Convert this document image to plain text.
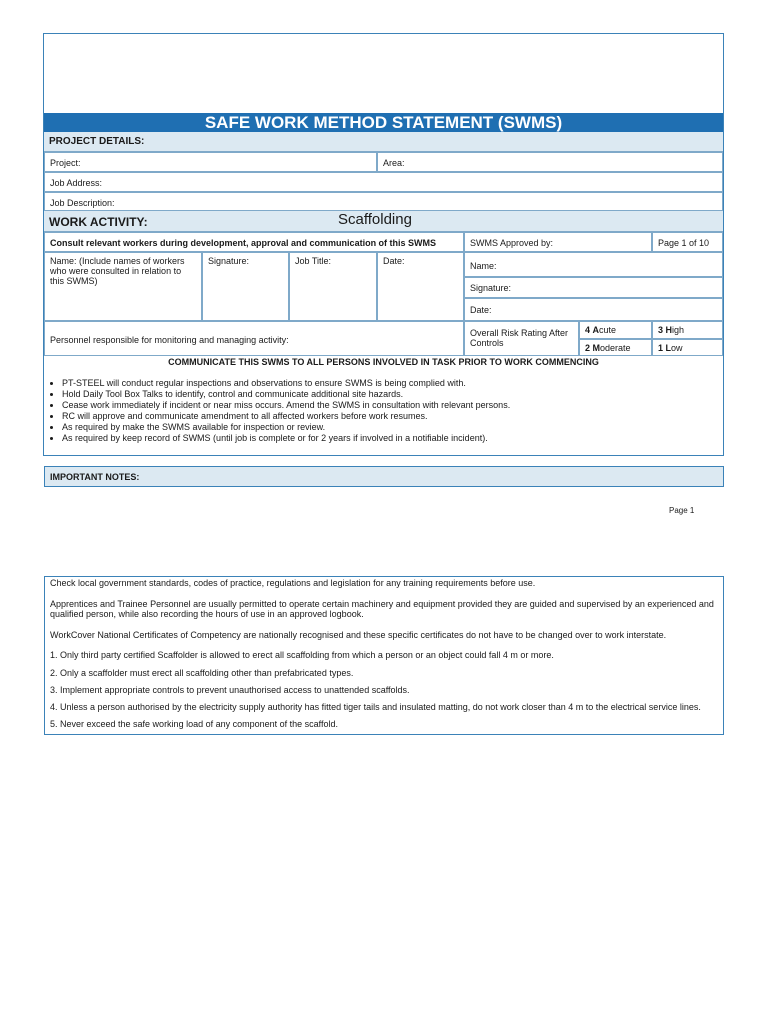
SAFE WORK METHOD STATEMENT (SWMS)
PROJECT DETAILS:
Project:	Area:
Job Address:
Job Description:
WORK ACTIVITY:	Scaffolding
Consult relevant workers during development, approval and communication of this SWMS	SWMS Approved by:	Page 1 of 10
Name: (Include names of workers who were consulted in relation to this SWMS)
Signature:	Job Title:	Date:	Name:
Signature:
Date:
Personnel responsible for monitoring and managing activity:
Overall Risk Rating After Controls
4 Acute	3 High
2 Moderate	1 Low
COMMUNICATE THIS SWMS TO ALL PERSONS INVOLVED IN TASK PRIOR TO WORK COMMENCING
• PT-STEEL will conduct regular inspections and observations to ensure SWMS is being complied with.
• Hold Daily Tool Box Talks to identify, control and communicate additional site hazards.
• Cease work immediately if incident or near miss occurs. Amend the SWMS in consultation with relevant persons.
• RC will approve and communicate amendment to all affected workers before work resumes.
• As required by make the SWMS available for inspection or review.
• As required by keep record of SWMS (until job is complete or for 2 years if involved in a notifiable incident).
IMPORTANT NOTES:
Page 1
Check local government standards, codes of practice, regulations and legislation for any training requirements before use.
Apprentices and Trainee Personnel are usually permitted to operate certain machinery and equipment provided they are guided and supervised by an experienced and qualified person, while also recording the hours of use in an approved logbook.
WorkCover National Certificates of Competency are nationally recognised and these specific certificates do not have to be changed over to work interstate.
1. Only third party certified Scaffolder is allowed to erect all scaffolding from which a person or an object could fall 4 m or more.
2. Only a scaffolder must erect all scaffolding other than prefabricated types.
3. Implement appropriate controls to prevent unauthorised access to unattended scaffolds.
4. Unless a person authorised by the electricity supply authority has fitted tiger tails and insulated matting, do not work closer than 4 m to the electrical service lines.
5. Never exceed the safe working load of any component of the scaffold.
